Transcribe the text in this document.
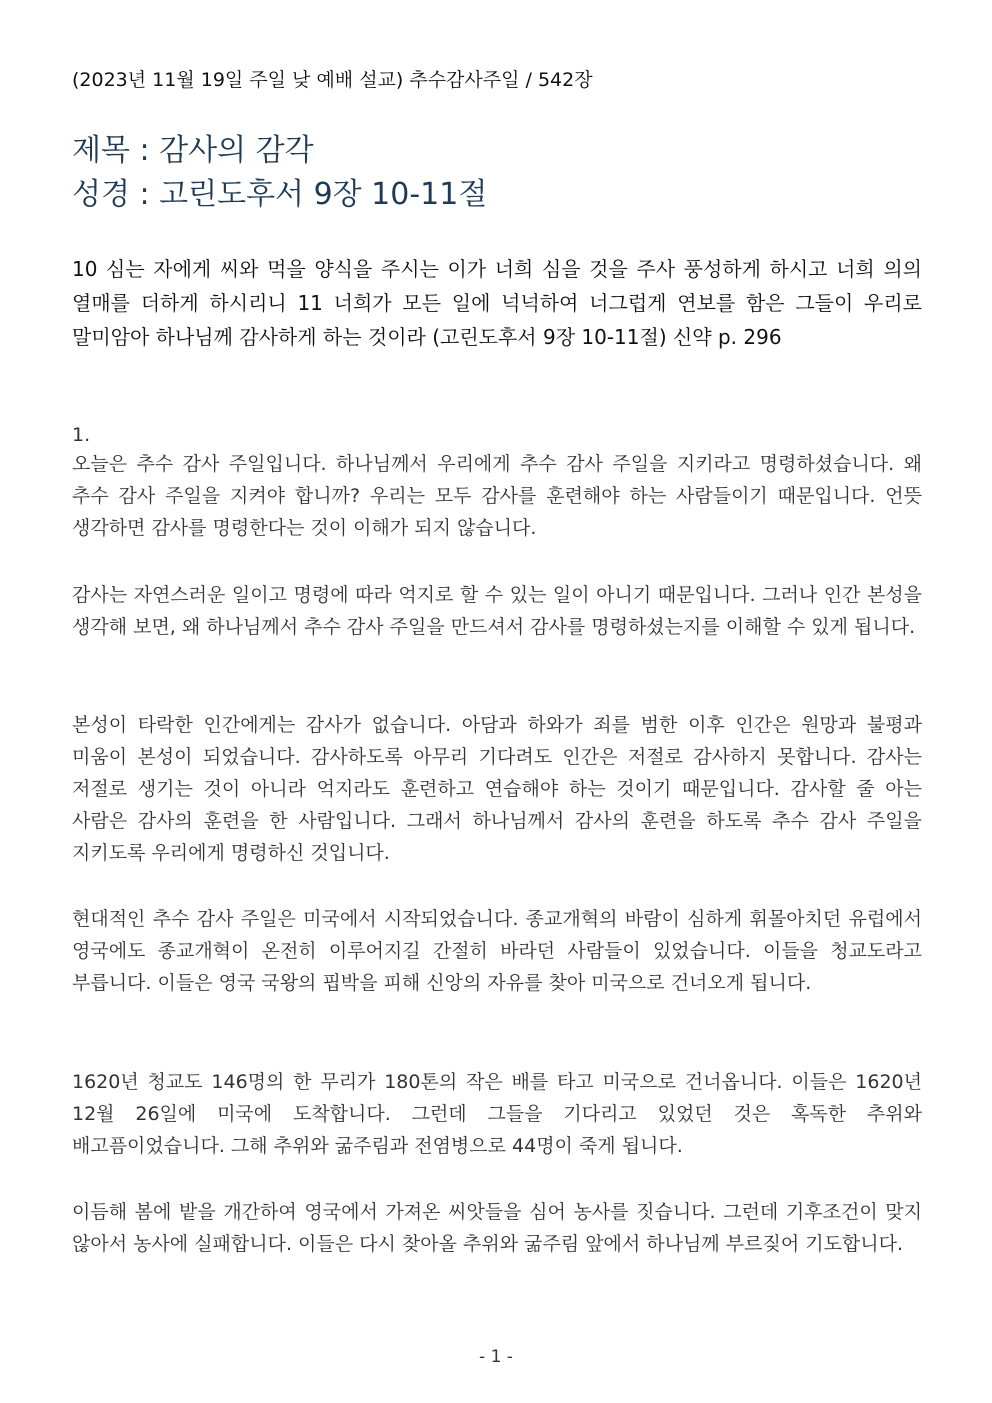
(2023년 11월 19일 주일 낮 예배 설교) 추수감사주일 / 542장
제목 : 감사의 감각
성경 : 고린도후서 9장 10-11절

10 심는 자에게 씨와 먹을 양식을 주시는 이가 너희 심을 것을 주사 풍성하게 하시고 너희 의의 열매를 더하게 하시리니 11 너희가 모든 일에 넉넉하여 너그럽게 연보를 함은 그들이 우리로 말미암아 하나님께 감사하게 하는 것이라 (고린도후서 9장 10-11절) 신약 p. 296

1.

오늘은 추수 감사 주일입니다. 하나님께서 우리에게 추수 감사 주일을 지키라고 명령하셨습니다. 왜 추수 감사 주일을 지켜야 합니까? 우리는 모두 감사를 훈련해야 하는 사람들이기 때문입니다. 언뜻 생각하면 감사를 명령한다는 것이 이해가 되지 않습니다.

감사는 자연스러운 일이고 명령에 따라 억지로 할 수 있는 일이 아니기 때문입니다. 그러나 인간 본성을 생각해 보면, 왜 하나님께서 추수 감사 주일을 만드셔서 감사를 명령하셨는지를 이해할 수 있게 됩니다.

본성이 타락한 인간에게는 감사가 없습니다. 아담과 하와가 죄를 범한 이후 인간은 원망과 불평과 미움이 본성이 되었습니다. 감사하도록 아무리 기다려도 인간은 저절로 감사하지 못합니다. 감사는 저절로 생기는 것이 아니라 억지라도 훈련하고 연습해야 하는 것이기 때문입니다. 감사할 줄 아는 사람은 감사의 훈련을 한 사람입니다. 그래서 하나님께서 감사의 훈련을 하도록 추수 감사 주일을 지키도록 우리에게 명령하신 것입니다.

현대적인 추수 감사 주일은 미국에서 시작되었습니다. 종교개혁의 바람이 심하게 휘몰아치던 유럽에서 영국에도 종교개혁이 온전히 이루어지길 간절히 바라던 사람들이 있었습니다. 이들을 청교도라고 부릅니다. 이들은 영국 국왕의 핍박을 피해 신앙의 자유를 찾아 미국으로 건너오게 됩니다.

1620년 청교도 146명의 한 무리가 180톤의 작은 배를 타고 미국으로 건너옵니다. 이들은 1620년 12월 26일에 미국에 도착합니다. 그런데 그들을 기다리고 있었던 것은 혹독한 추위와 배고픔이었습니다. 그해 추위와 굶주림과 전염병으로 44명이 죽게 됩니다.

이듬해 봄에 밭을 개간하여 영국에서 가져온 씨앗들을 심어 농사를 짓습니다. 그런데 기후조건이 맞지 않아서 농사에 실패합니다. 이들은 다시 찾아올 추위와 굶주림 앞에서 하나님께 부르짖어 기도합니다.

- 1 -
